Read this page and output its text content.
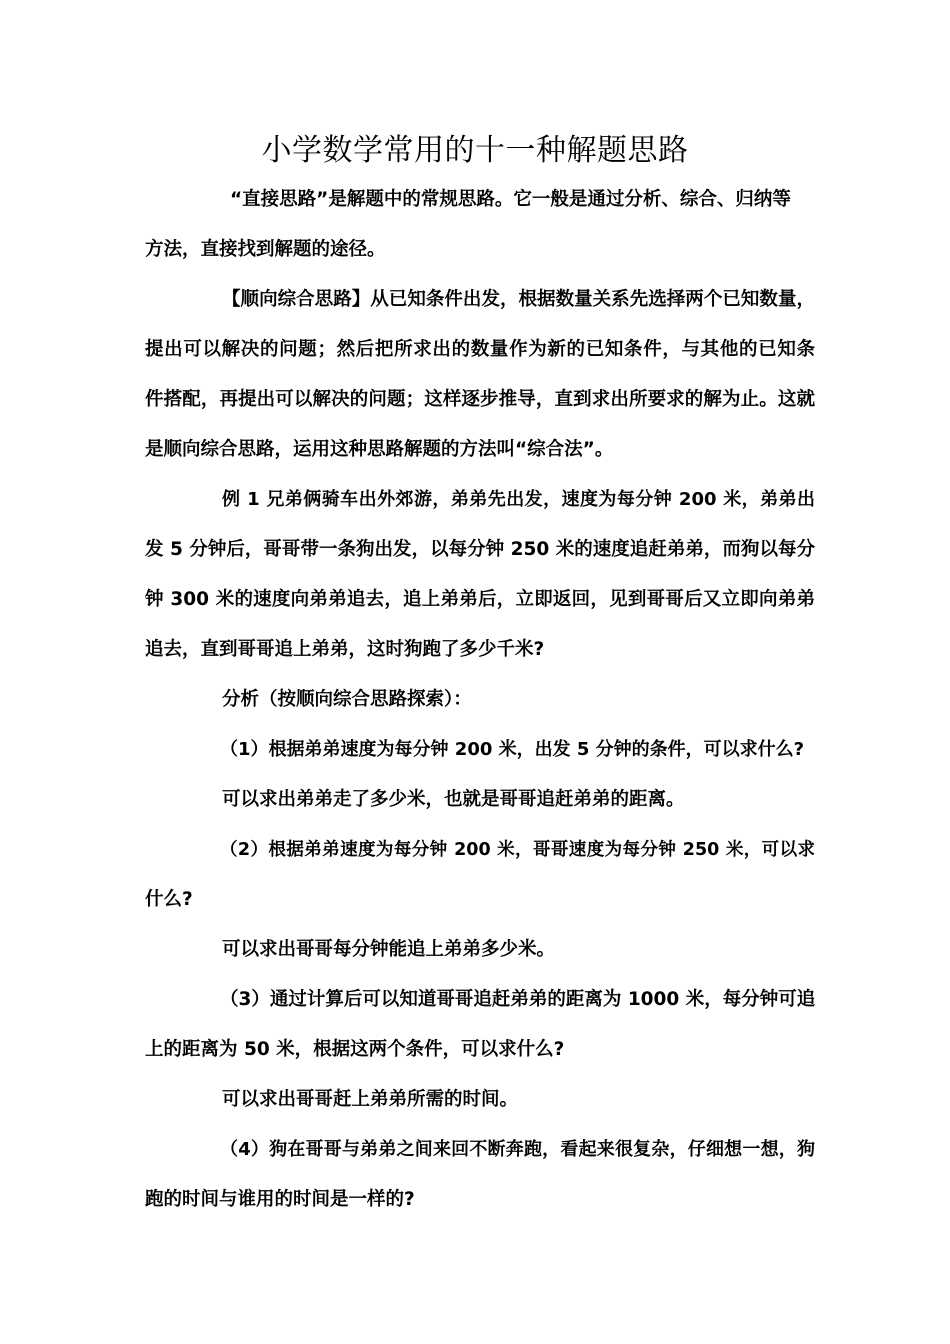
小学数学常用的十一种解题思路
“直接思路”是解题中的常规思路。它一般是通过分析、综合、归纳等
方法，直接找到解题的途径。
【顺向综合思路】从已知条件出发，根据数量关系先选择两个已知数量，
提出可以解决的问题；然后把所求出的数量作为新的已知条件，与其他的已知条
件搭配，再提出可以解决的问题；这样逐步推导，直到求出所要求的解为止。这就
是顺向综合思路，运用这种思路解题的方法叫“综合法”。
例 1 兄弟俩骑车出外郊游，弟弟先出发，速度为每分钟 200 米，弟弟出
发 5 分钟后，哥哥带一条狗出发，以每分钟 250 米的速度追赶弟弟，而狗以每分
钟 300 米的速度向弟弟追去，追上弟弟后，立即返回，见到哥哥后又立即向弟弟
追去，直到哥哥追上弟弟，这时狗跑了多少千米?
分析（按顺向综合思路探索）：
（1）根据弟弟速度为每分钟 200 米，出发 5 分钟的条件，可以求什么?
可以求出弟弟走了多少米，也就是哥哥追赶弟弟的距离。
（2）根据弟弟速度为每分钟 200 米，哥哥速度为每分钟 250 米，可以求
什么?
可以求出哥哥每分钟能追上弟弟多少米。
（3）通过计算后可以知道哥哥追赶弟弟的距离为 1000 米，每分钟可追
上的距离为 50 米，根据这两个条件，可以求什么?
可以求出哥哥赶上弟弟所需的时间。
（4）狗在哥哥与弟弟之间来回不断奔跑，看起来很复杂，仔细想一想，狗
跑的时间与谁用的时间是一样的?
